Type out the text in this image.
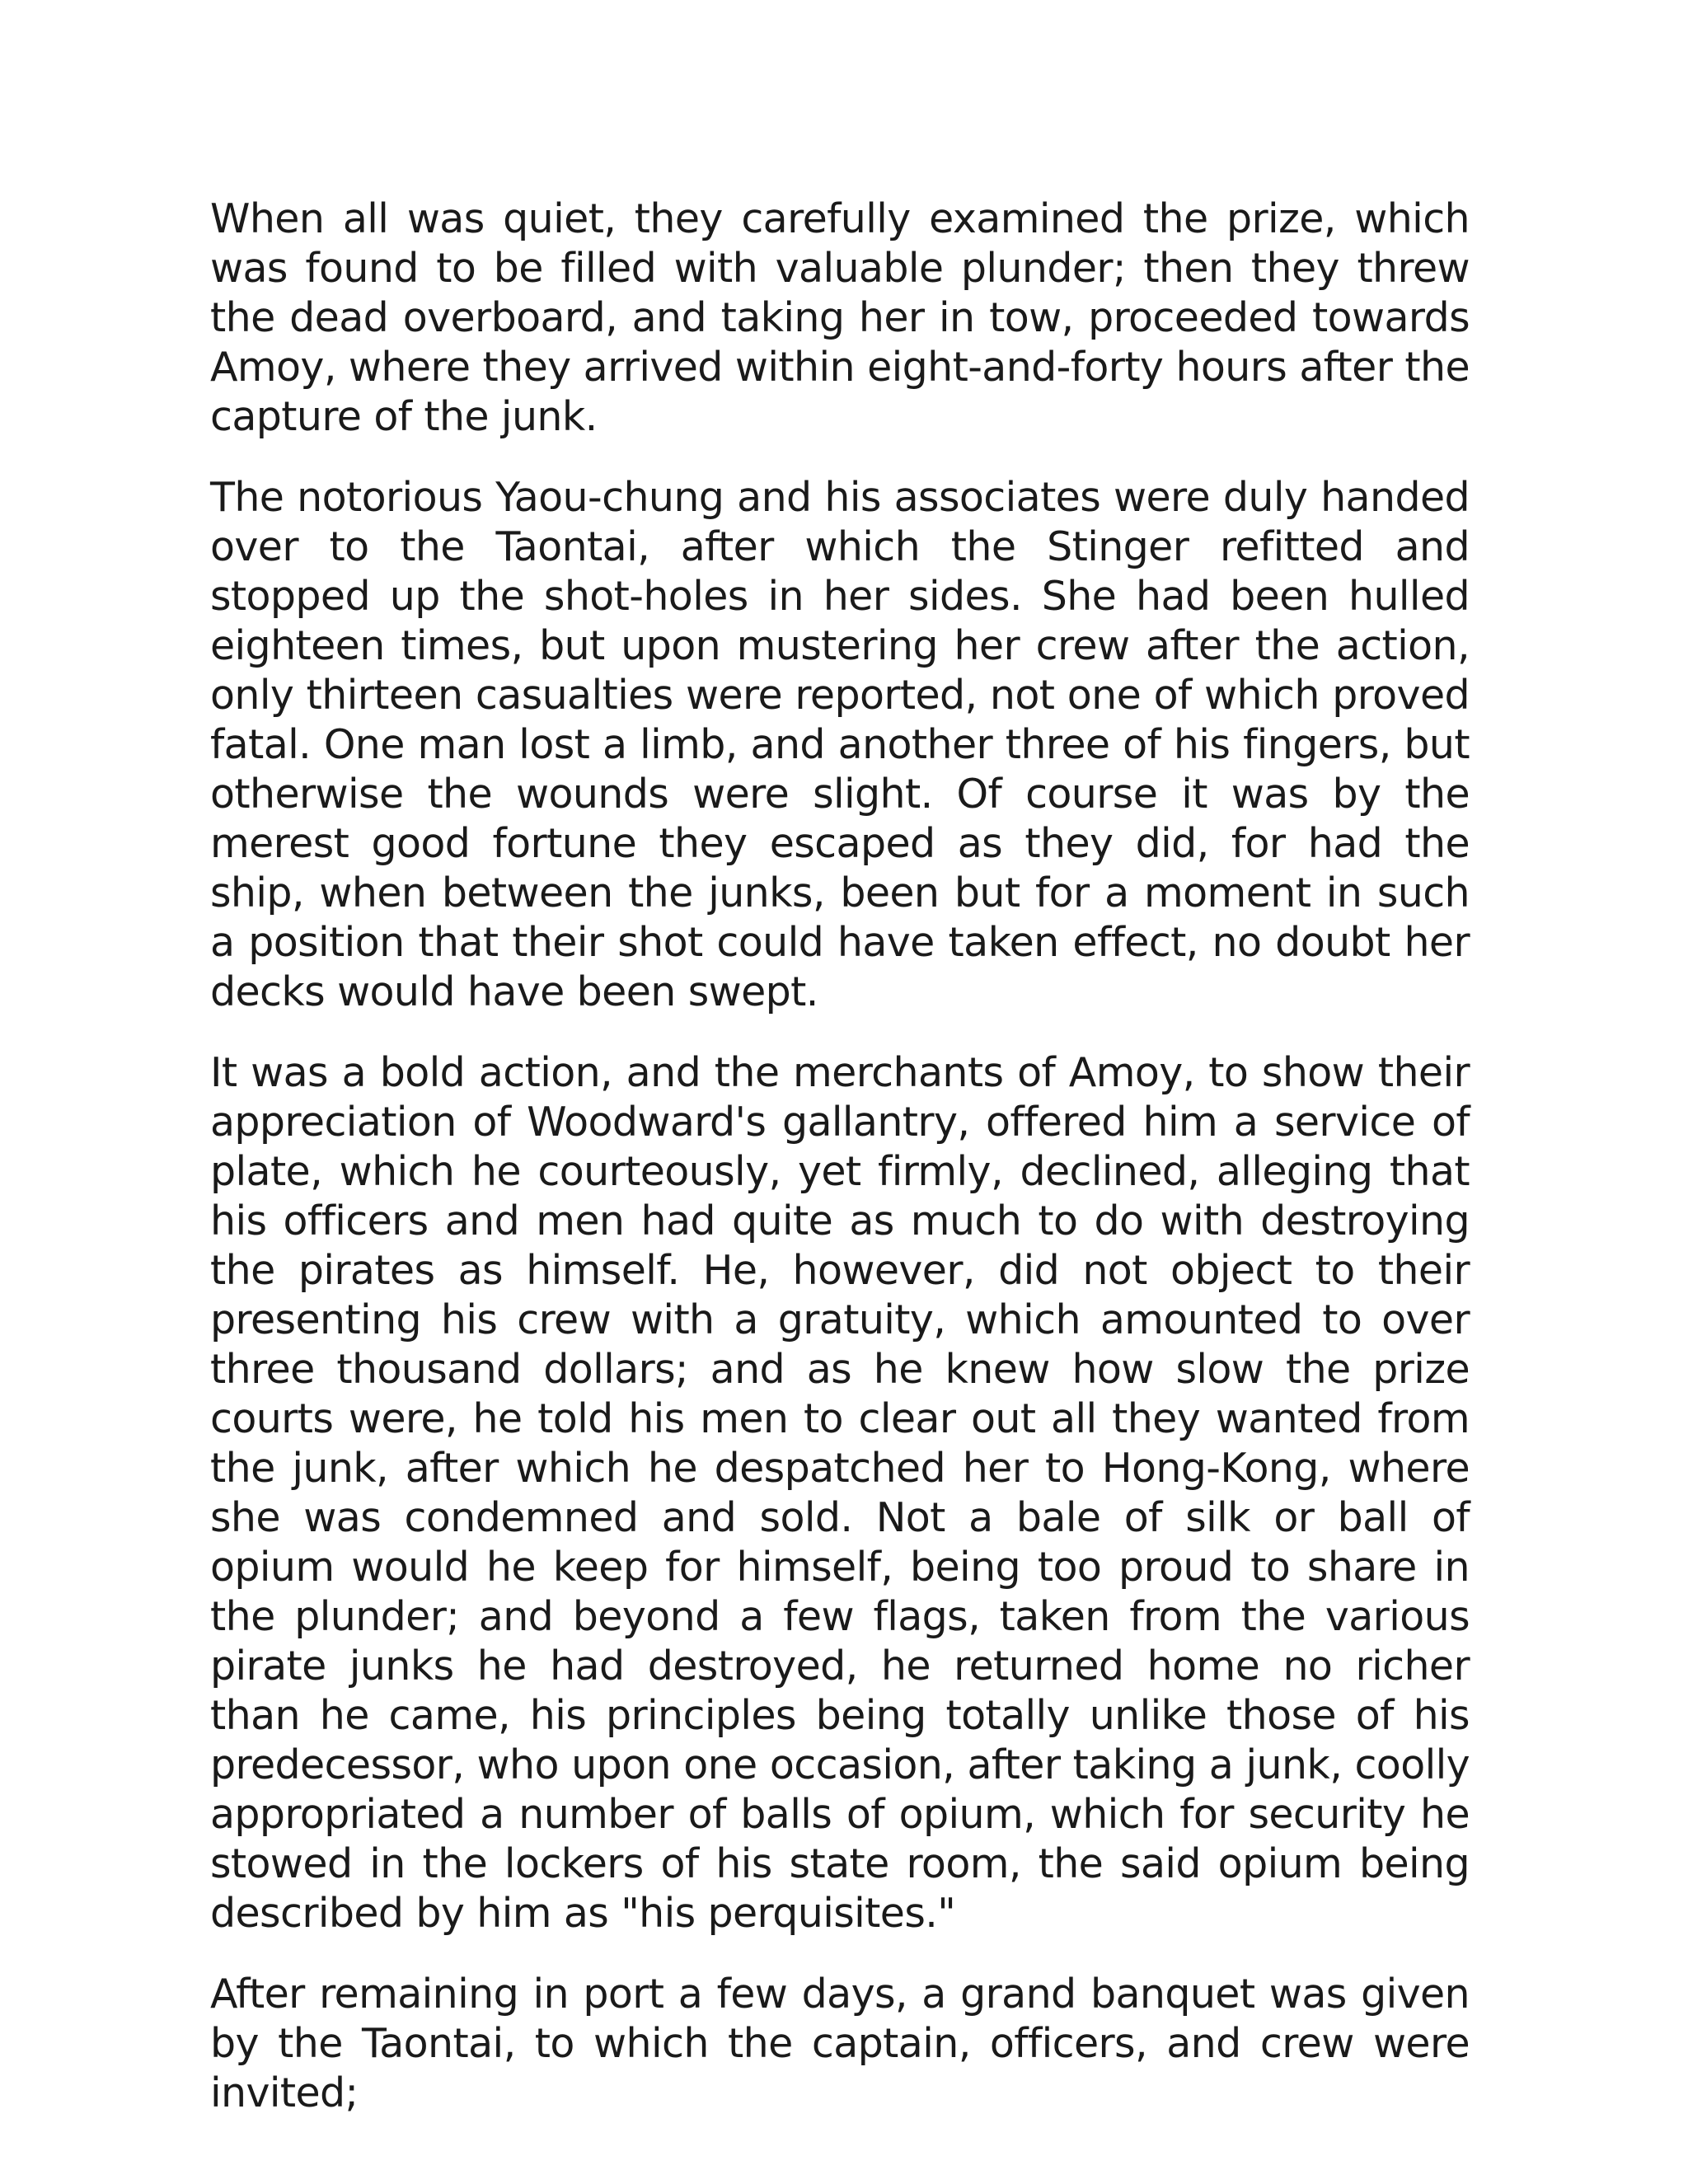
When all was quiet, they carefully examined the prize, which was found to be filled with valuable plunder; then they threw the dead overboard, and taking her in tow, proceeded towards Amoy, where they arrived within eight-and-forty hours after the capture of the junk.

The notorious Yaou-chung and his associates were duly handed over to the Taontai, after which the Stinger refitted and stopped up the shot-holes in her sides. She had been hulled eighteen times, but upon mustering her crew after the action, only thirteen casualties were reported, not one of which proved fatal. One man lost a limb, and another three of his fingers, but otherwise the wounds were slight. Of course it was by the merest good fortune they escaped as they did, for had the ship, when between the junks, been but for a moment in such a position that their shot could have taken effect, no doubt her decks would have been swept.

It was a bold action, and the merchants of Amoy, to show their appreciation of Woodward's gallantry, offered him a service of plate, which he courteously, yet firmly, declined, alleging that his officers and men had quite as much to do with destroying the pirates as himself. He, however, did not object to their presenting his crew with a gratuity, which amounted to over three thousand dollars; and as he knew how slow the prize courts were, he told his men to clear out all they wanted from the junk, after which he despatched her to Hong-Kong, where she was condemned and sold. Not a bale of silk or ball of opium would he keep for himself, being too proud to share in the plunder; and beyond a few flags, taken from the various pirate junks he had destroyed, he returned home no richer than he came, his principles being totally unlike those of his predecessor, who upon one occasion, after taking a junk, coolly appropriated a number of balls of opium, which for security he stowed in the lockers of his state room, the said opium being described by him as "his perquisites."

After remaining in port a few days, a grand banquet was given by the Taontai, to which the captain, officers, and crew were invited;
